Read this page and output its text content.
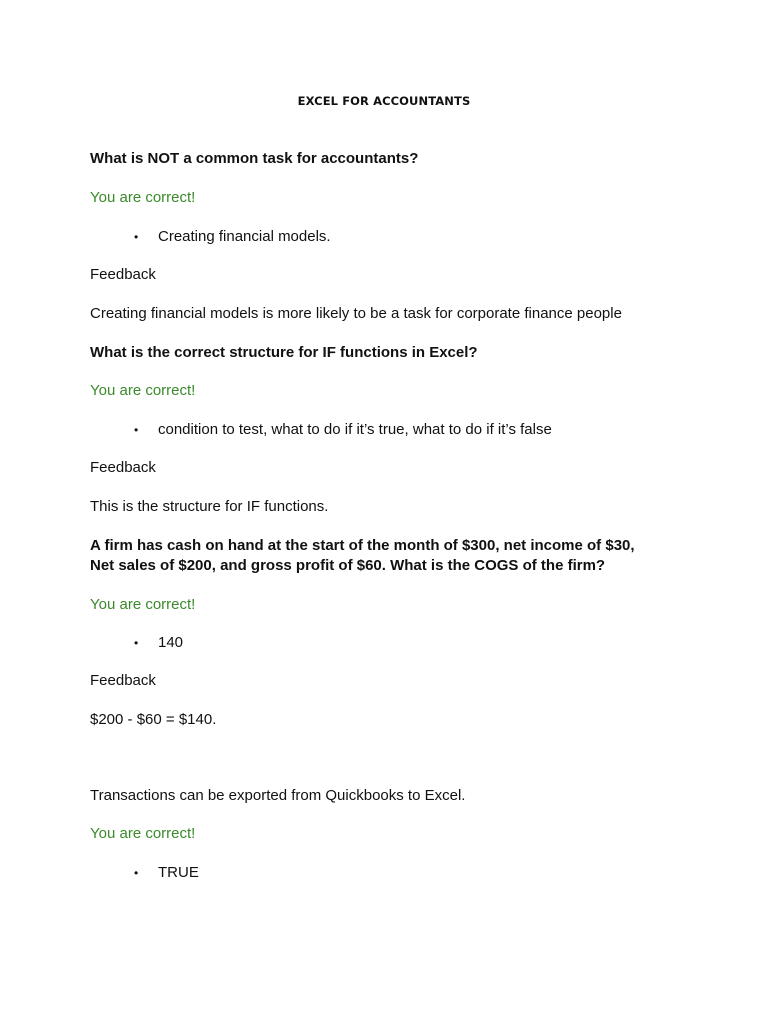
EXCEL FOR ACCOUNTANTS
What is NOT a common task for accountants?
You are correct!
• Creating financial models.
Feedback
Creating financial models is more likely to be a task for corporate finance people
What is the correct structure for IF functions in Excel?
You are correct!
• condition to test, what to do if it’s true, what to do if it’s false
Feedback
This is the structure for IF functions.
A firm has cash on hand at the start of the month of $300, net income of $30, Net sales of $200, and gross profit of $60. What is the COGS of the firm?
You are correct!
• 140
Feedback
$200 - $60 = $140.
Transactions can be exported from Quickbooks to Excel.
You are correct!
• TRUE
